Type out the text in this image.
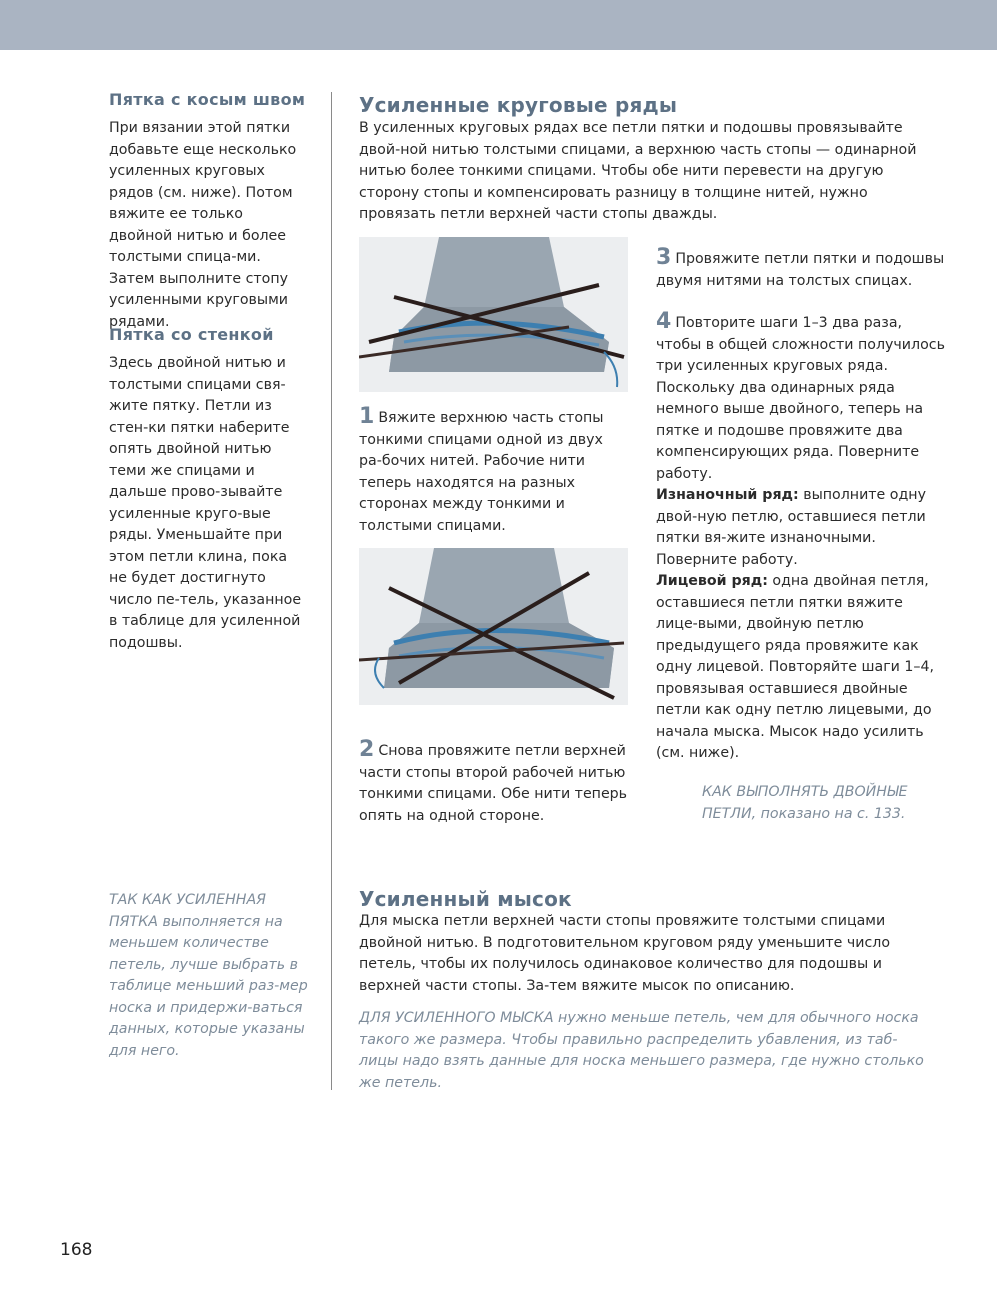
Пятка с косым швом

При вязании этой пятки добавьте еще несколько усиленных круговых рядов (см. ниже). Потом вяжите ее только двойной нитью и более толстыми спица-ми. Затем выполните стопу усиленными круговыми рядами.

Пятка со стенкой

Здесь двойной нитью и толстыми спицами свя-жите пятку. Петли из стен-ки пятки наберите опять двойной нитью теми же спицами и дальше прово-зывайте усиленные круго-вые ряды. Уменьшайте при этом петли клина, пока не будет достигнуто число пе-тель, указанное в таблице для усиленной подошвы.

ТАК КАК УСИЛЕННАЯ ПЯТКА выполняется на меньшем количестве петель, лучше выбрать в таблице меньший раз-мер носка и придержи-ваться данных, которые указаны для него.

Усиленные круговые ряды

В усиленных круговых рядах все петли пятки и подошвы провязывайте двой-ной нитью толстыми спицами, а верхнюю часть стопы — одинарной нитью более тонкими спицами. Чтобы обе нити перевести на другую сторону стопы и компенсировать разницу в толщине нитей, нужно провязать петли верхней части стопы дважды.

1 Вяжите верхнюю часть стопы тонкими спицами одной из двух ра-бочих нитей. Рабочие нити теперь находятся на разных сторонах между тонкими и толстыми спицами.

2 Снова провяжите петли верхней части стопы второй рабочей нитью тонкими спицами. Обе нити теперь опять на одной стороне.

3 Провяжите петли пятки и подошвы двумя нитями на толстых спицах.

4 Повторите шаги 1–3 два раза, чтобы в общей сложности получилось три усиленных круговых ряда. Поскольку два одинарных ряда немного выше двойного, теперь на пятке и подошве провяжите два компенсирующих ряда. Поверните работу.
Изнаночный ряд: выполните одну двой-ную петлю, оставшиеся петли пятки вя-жите изнаночными. Поверните работу.
Лицевой ряд: одна двойная петля, оставшиеся петли пятки вяжите лице-выми, двойную петлю предыдущего ряда провяжите как одну лицевой. Повторяйте шаги 1–4, провязывая оставшиеся двойные петли как одну петлю лицевыми, до начала мыска. Мысок надо усилить (см. ниже).

КАК ВЫПОЛНЯТЬ ДВОЙНЫЕ ПЕТЛИ, показано на с. 133.

Усиленный мысок

Для мыска петли верхней части стопы провяжите толстыми спицами двойной нитью. В подготовительном круговом ряду уменьшите число петель, чтобы их получилось одинаковое количество для подошвы и верхней части стопы. За-тем вяжите мысок по описанию.

ДЛЯ УСИЛЕННОГО МЫСКА нужно меньше петель, чем для обычного носка такого же размера. Чтобы правильно распределить убавления, из таб-лицы надо взять данные для носка меньшего размера, где нужно столько же петель.

168
